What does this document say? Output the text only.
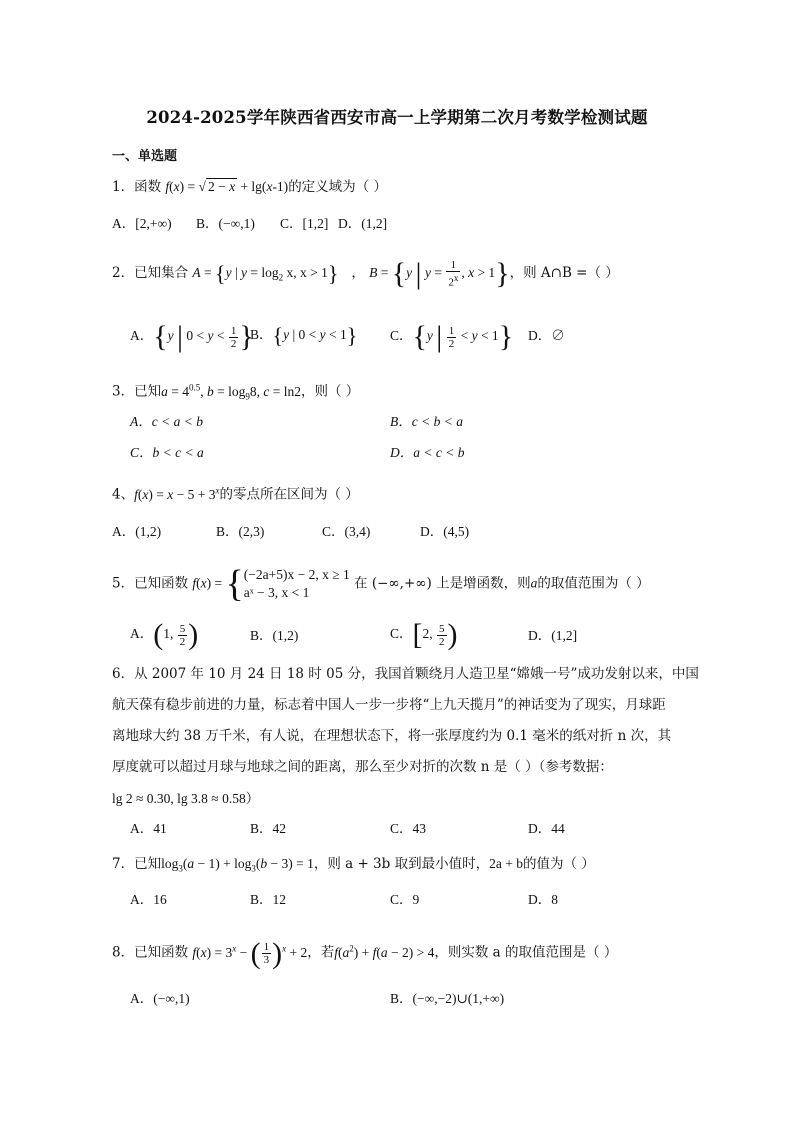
2024-2025学年陕西省西安市高一上学期第二次月考数学检测试题
一、单选题
1．函数 f(x) = √ 2 − x + lg(x-1)的定义域为（ ）
A．[2,+∞) B．(−∞,1) C．[1,2] D．(1,2]
2．已知集合 A = {y | $y = \log_2 x$, x > 1}   ， B = {y | $y = \frac{1}{2^x}$ , x > 1}，则 A∩B =（ ）
A．{y | $0 < y < \frac{1}{2}$ }
B．{y | 0 < y < 1} C．{y | $\frac{1}{2} < y < 1$} D．∅
3．已知$a = 4^{0.5}$, $b = \log_98$, c = ln2，则（ ）
A．c < a < b	B．c < b < a
C．b < c < a	D．a < c < b
4、$f(x) = x - 5 + 3^x$的零点所在区间为（ ）
A．(1,2)	B．(2,3)	C．(3,4)	D．(4,5)
5．已知函数 f(x) = { (−2a+5)x − 2, x ≥ 1
aˣ − 3, x < 1
在 (−∞,+∞) 上是增函数，则a的取值范围为（ ）
A．(1, $\frac{5}{2}$ )	B．(1,2)	C．[2, $\frac{5}{2}$ )	D．(1,2]
6．从 2007 年 10 月 24 日 18 时 05 分，我国首颗绕月人造卫星“嫦娥一号”成功发射以来，中国
航天葆有稳步前进的力量，标志着中国人一步一步将“上九天揽月”的神话变为了现实，月球距
离地球大约 38 万千米，有人说，在理想状态下，将一张厚度约为 0.1 毫米的纸对折 n 次，其
厚度就可以超过月球与地球之间的距离，那么至少对折的次数 n 是（ ）（参考数据：
lg 2 ≈ 0.30, lg 3.8 ≈ 0.58）
A．41	B．42	C．43	D．44
7．已知$\log_3(a - 1) + \log_3(b - 3) = 1$，则 a + 3b 取到最小值时，2a + b的值为（ ）
A．16	B．12	C．9	D．8
8．已知函数 $f(x) = 3^x$ − ( $\frac{1}{3} )^x + 2$，若$f(a^2) + f(a - 2) > 4$，则实数 a 的取值范围是（ ）
A．(−∞,1)	B．(−∞,−2)∪(1,+∞)
